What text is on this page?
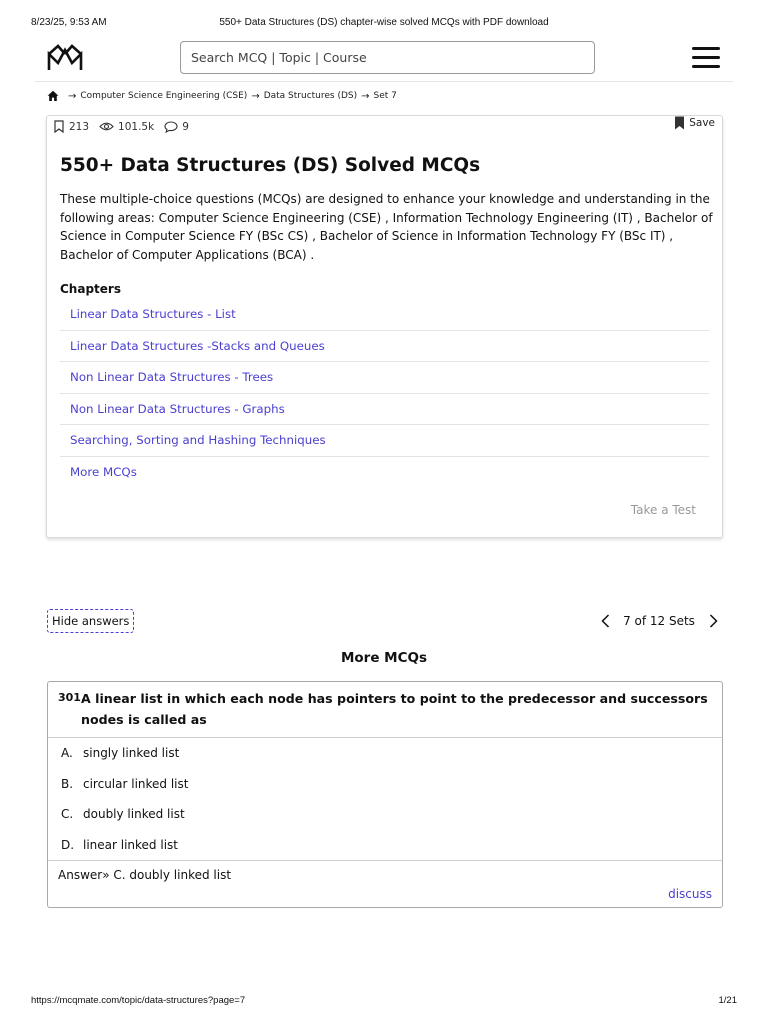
8/23/25, 9:53 AM	550+ Data Structures (DS) chapter-wise solved MCQs with PDF download
Search MCQ | Topic | Course
→ Computer Science Engineering (CSE) → Data Structures (DS) → Set 7
213	101.5k	9	Save
550+ Data Structures (DS) Solved MCQs

These multiple-choice questions (MCQs) are designed to enhance your knowledge and understanding in the following areas: Computer Science Engineering (CSE) , Information Technology Engineering (IT) , Bachelor of Science in Computer Science FY (BSc CS) , Bachelor of Science in Information Technology FY (BSc IT) , Bachelor of Computer Applications (BCA) .

Chapters
Linear Data Structures - List
Linear Data Structures -Stacks and Queues
Non Linear Data Structures - Trees
Non Linear Data Structures - Graphs
Searching, Sorting and Hashing Techniques
More MCQs
Take a Test
Hide answers	7 of 12 Sets
More MCQs
301.
A linear list in which each node has pointers to point to the predecessor and successors nodes is called as
A. singly linked list
B. circular linked list
C. doubly linked list
D. linear linked list
Answer» C. doubly linked list
discuss
https://mcqmate.com/topic/data-structures?page=7	1/21
